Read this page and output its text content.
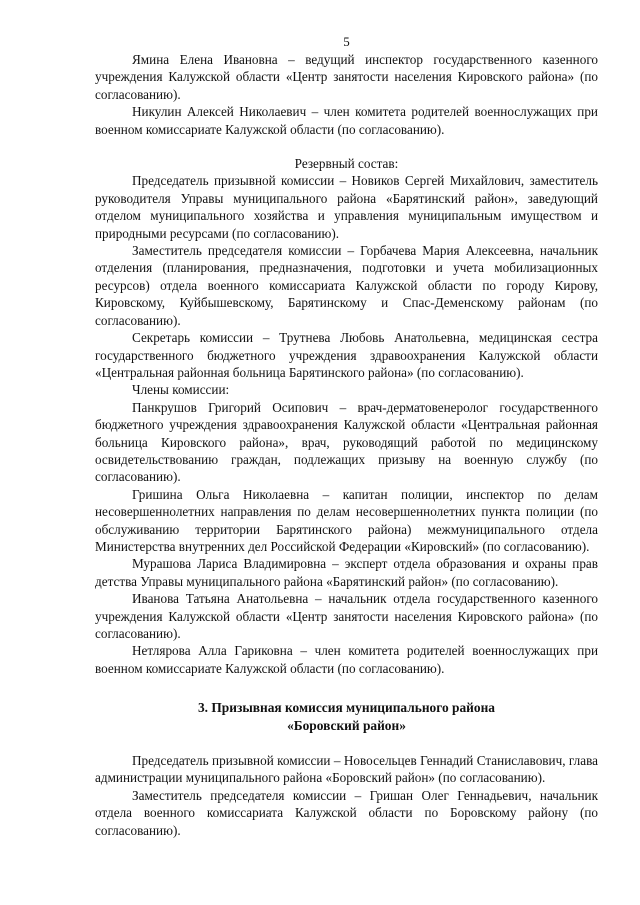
5

Ямина Елена Ивановна – ведущий инспектор государственного казенного учреждения Калужской области «Центр занятости населения Кировского района» (по согласованию).

Никулин Алексей Николаевич – член комитета родителей военнослужащих при военном комиссариате Калужской области (по согласованию).

Резервный состав:

Председатель призывной комиссии – Новиков Сергей Михайлович, заместитель руководителя Управы муниципального района «Барятинский район», заведующий отделом муниципального хозяйства и управления муниципальным имуществом и природными ресурсами (по согласованию).

Заместитель председателя комиссии – Горбачева Мария Алексеевна, начальник отделения (планирования, предназначения, подготовки и учета мобилизационных ресурсов) отдела военного комиссариата Калужской области по городу Кирову, Кировскому, Куйбышевскому, Барятинскому и Спас-Деменскому районам (по согласованию).

Секретарь комиссии – Трутнева Любовь Анатольевна, медицинская сестра государственного бюджетного учреждения здравоохранения Калужской области «Центральная районная больница Барятинского района» (по согласованию).

Члены комиссии:

Панкрушов Григорий Осипович – врач-дерматовенеролог государственного бюджетного учреждения здравоохранения Калужской области «Центральная районная больница Кировского района», врач, руководящий работой по медицинскому освидетельствованию граждан, подлежащих призыву на военную службу (по согласованию).

Гришина Ольга Николаевна – капитан полиции, инспектор по делам несовершеннолетних направления по делам несовершеннолетних пункта полиции (по обслуживанию территории Барятинского района) межмуниципального отдела Министерства внутренних дел Российской Федерации «Кировский» (по согласованию).

Мурашова Лариса Владимировна – эксперт отдела образования и охраны прав детства Управы муниципального района «Барятинский район» (по согласованию).

Иванова Татьяна Анатольевна – начальник отдела государственного казенного учреждения Калужской области «Центр занятости населения Кировского района» (по согласованию).

Нетлярова Алла Гариковна – член комитета родителей военнослужащих при военном комиссариате Калужской области (по согласованию).

3. Призывная комиссия муниципального района

«Боровский район»

Председатель призывной комиссии – Новосельцев Геннадий Станиславович, глава администрации муниципального района «Боровский район» (по согласованию).

Заместитель председателя комиссии – Гришан Олег Геннадьевич, начальник отдела военного комиссариата Калужской области по Боровскому району (по согласованию).
